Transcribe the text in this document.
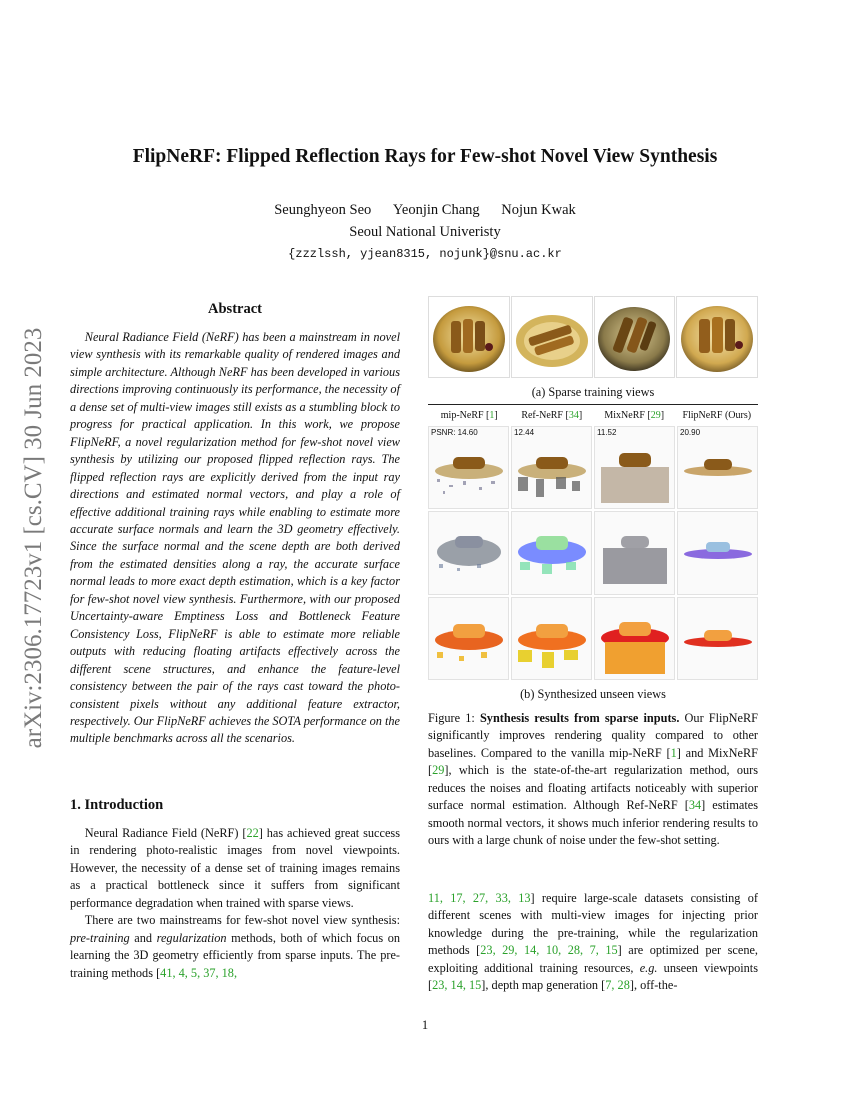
FlipNeRF: Flipped Reflection Rays for Few-shot Novel View Synthesis
Seunghyeon Seo Yeonjin Chang Nojun Kwak
Seoul National Univeristy
{zzzlssh, yjean8315, nojunk}@snu.ac.kr
arXiv:2306.17723v1 [cs.CV] 30 Jun 2023
Abstract

Neural Radiance Field (NeRF) has been a mainstream in novel view synthesis with its remarkable quality of rendered images and simple architecture. Although NeRF has been developed in various directions improving continuously its performance, the necessity of a dense set of multi-view images still exists as a stumbling block to progress for practical application. In this work, we propose FlipNeRF, a novel regularization method for few-shot novel view synthesis by utilizing our proposed flipped reflection rays. The flipped reflection rays are explicitly derived from the input ray directions and estimated normal vectors, and play a role of effective additional training rays while enabling to estimate more accurate surface normals and learn the 3D geometry effectively. Since the surface normal and the scene depth are both derived from the estimated densities along a ray, the accurate surface normal leads to more exact depth estimation, which is a key factor for few-shot novel view synthesis. Furthermore, with our proposed Uncertainty-aware Emptiness Loss and Bottleneck Feature Consistency Loss, FlipNeRF is able to estimate more reliable outputs with reducing floating artifacts effectively across the different scene structures, and enhance the feature-level consistency between the pair of the rays cast toward the photo-consistent pixels without any additional feature extractor, respectively. Our FlipNeRF achieves the SOTA performance on the multiple benchmarks across all the scenarios.

1. Introduction

Neural Radiance Field (NeRF) [22] has achieved great success in rendering photo-realistic images from novel viewpoints. However, the necessity of a dense set of training images remains as a practical bottleneck since it suffers from significant performance degradation when trained with sparse views.

There are two mainstreams for few-shot novel view synthesis: pre-training and regularization methods, both of which focus on learning the 3D geometry efficiently from sparse inputs. The pre-training methods [41, 4, 5, 37, 18,

(a) Sparse training views
mip-NeRF [1]	Ref-NeRF [34]	MixNeRF [29]	FlipNeRF (Ours)
PSNR: 14.60	12.44	11.52	20.90
(b) Synthesized unseen views

Figure 1: Synthesis results from sparse inputs. Our FlipNeRF significantly improves rendering quality compared to other baselines. Compared to the vanilla mip-NeRF [1] and MixNeRF [29], which is the state-of-the-art regularization method, ours reduces the noises and floating artifacts noticeably with superior surface normal estimation. Although Ref-NeRF [34] estimates smooth normal vectors, it shows much inferior rendering results to ours with a large chunk of noise under the few-shot setting.

11, 17, 27, 33, 13] require large-scale datasets consisting of different scenes with multi-view images for injecting prior knowledge during the pre-training, while the regularization methods [23, 29, 14, 10, 28, 7, 15] are optimized per scene, exploiting additional training resources, e.g. unseen viewpoints [23, 14, 15], depth map generation [7, 28], off-the-

1
